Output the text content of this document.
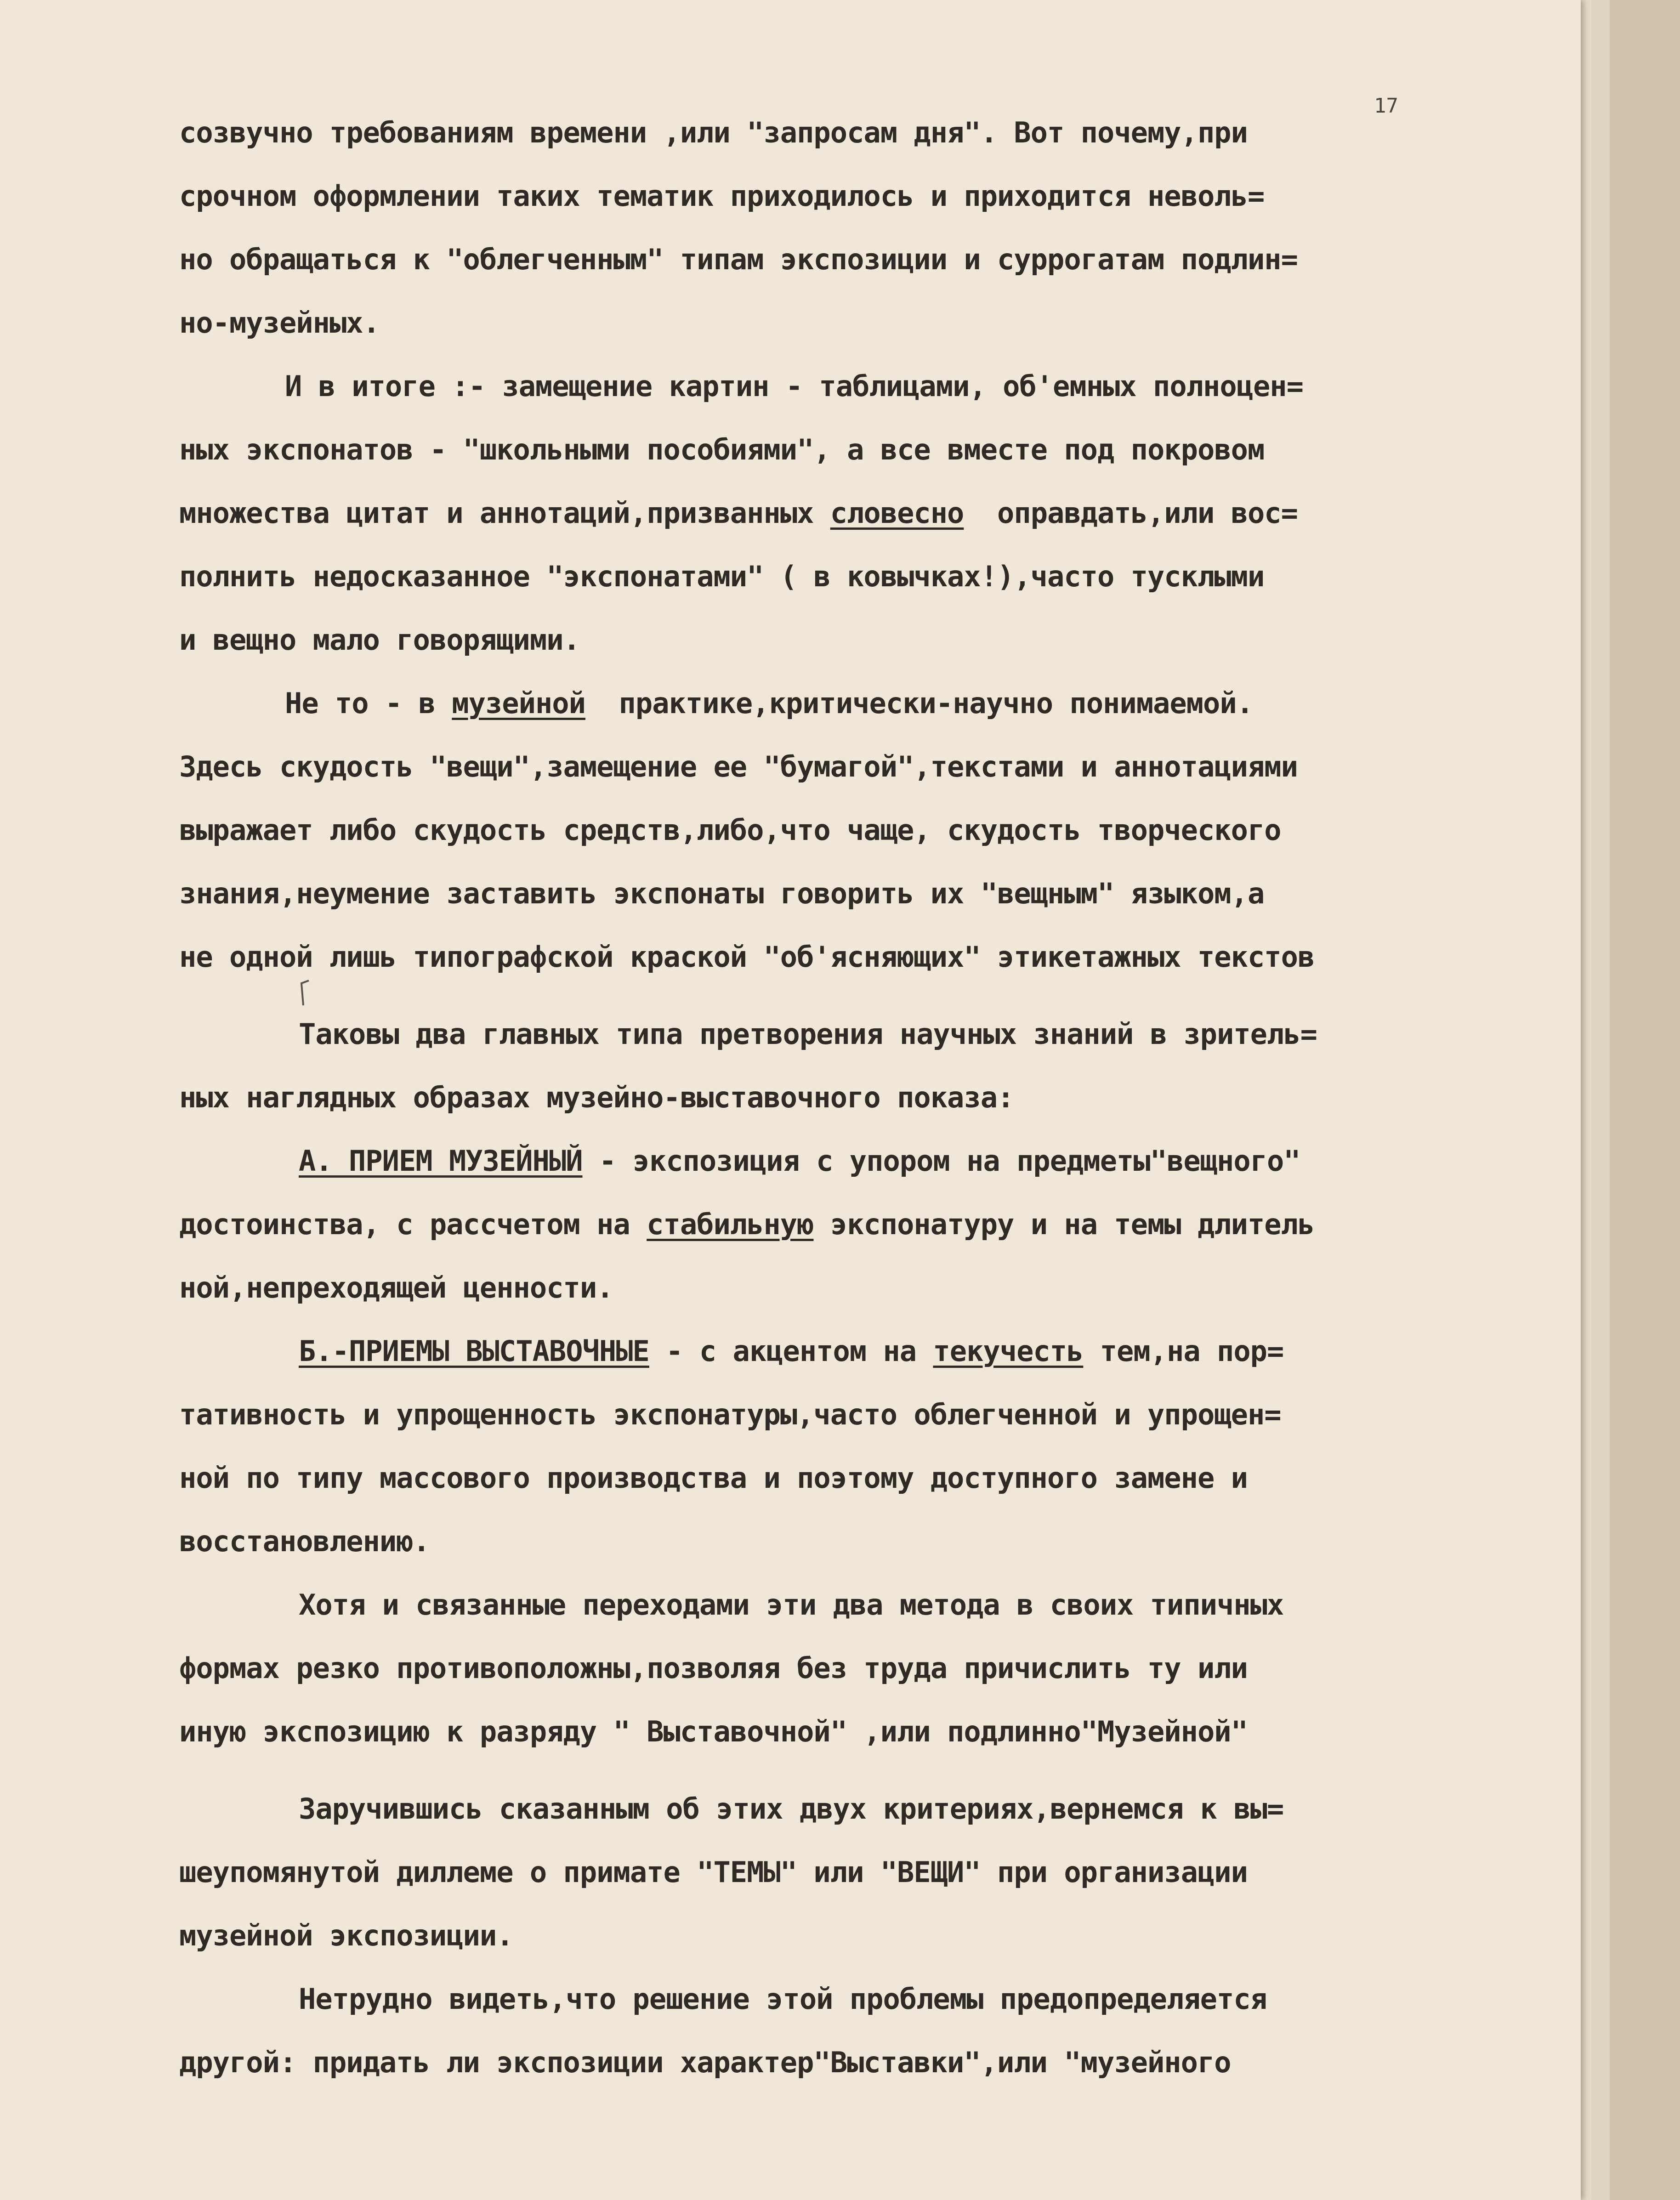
17

созвучно требованиям времени ,или "запросам дня". Вот почему,при

срочном оформлении таких тематик приходилось и приходится неволь=

но обращаться к "облегченным" типам экспозиции и суррогатам подлин=

но-музейных.

И в итоге :- замещение картин - таблицами, об'емных полноцен=

ных экспонатов - "школьными пособиями", а все вместе под покровом

множества цитат и аннотаций,призванных словесно  оправдать,или вос=

полнить недосказанное "экспонатами" ( в ковычках!),часто тусклыми

и вещно мало говорящими.

Не то - в музейной  практике,критически-научно понимаемой.

Здесь скудость "вещи",замещение ее "бумагой",текстами и аннотациями

выражает либо скудость средств,либо,что чаще, скудость творческого

знания,неумение заставить экспонаты говорить их "вещным" языком,а

не одной лишь типографской краской "об'ясняющих" этикетажных текстов

Таковы два главных типа претворения научных знаний в зритель=

ных наглядных образах музейно-выставочного показа:

А. ПРИЕМ МУЗЕЙНЫЙ - экспозиция с упором на предметы"вещного"

достоинства, с рассчетом на стабильную экспонатуру и на темы длитель

ной,непреходящей ценности.

Б.-ПРИЕМЫ ВЫСТАВОЧНЫЕ - с акцентом на текучесть тем,на пор=

тативность и упрощенность экспонатуры,часто облегченной и упрощен=

ной по типу массового производства и поэтому доступного замене и

восстановлению.

Хотя и связанные переходами эти два метода в своих типичных

формах резко противоположны,позволяя без труда причислить ту или

иную экспозицию к разряду " Выставочной" ,или подлинно"Музейной"

Заручившись сказанным об этих двух критериях,вернемся к вы=

шеупомянутой диллеме о примате "ТЕМЫ" или "ВЕЩИ" при организации

музейной экспозиции.

Нетрудно видеть,что решение этой проблемы предопределяется

другой: придать ли экспозиции характер"Выставки",или "музейного
